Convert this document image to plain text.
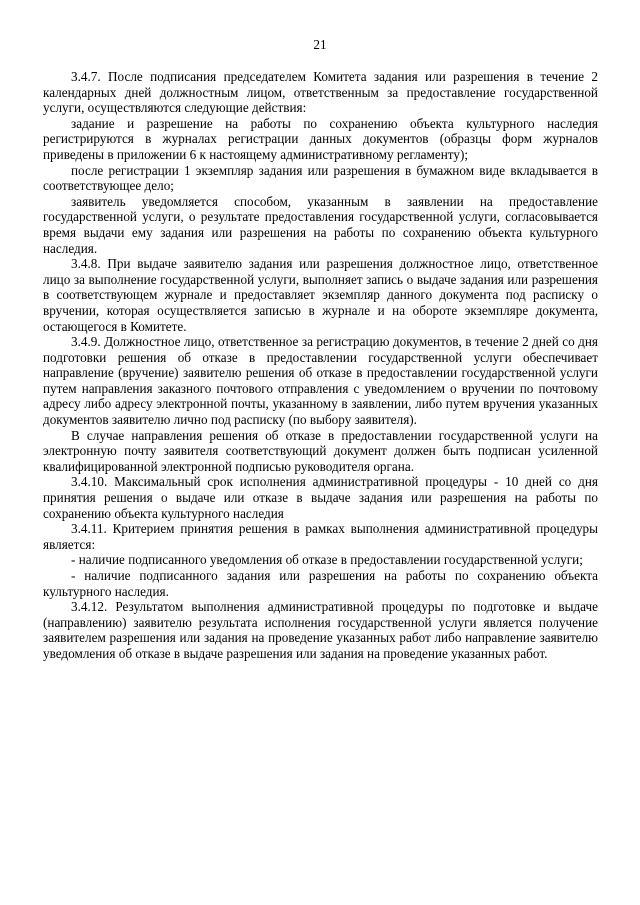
21

3.4.7. После подписания председателем Комитета задания или разрешения в течение 2 календарных дней должностным лицом, ответственным за предоставление государственной услуги, осуществляются следующие действия:

задание и разрешение на работы по сохранению объекта культурного наследия регистрируются в журналах регистрации данных документов (образцы форм журналов приведены в приложении 6 к настоящему административному регламенту);

после регистрации 1 экземпляр задания или разрешения в бумажном виде вкладывается в соответствующее дело;

заявитель уведомляется способом, указанным в заявлении на предоставление государственной услуги, о результате предоставления государственной услуги, согласовывается время выдачи ему задания или разрешения на работы по сохранению объекта культурного наследия.

3.4.8. При выдаче заявителю задания или разрешения должностное лицо, ответственное лицо за выполнение государственной услуги, выполняет запись о выдаче задания или разрешения в соответствующем журнале и предоставляет экземпляр данного документа под расписку о вручении, которая осуществляется записью в журнале и на обороте экземпляре документа, остающегося в Комитете.

3.4.9. Должностное лицо, ответственное за регистрацию документов, в течение 2 дней со дня подготовки решения об отказе в предоставлении государственной услуги обеспечивает направление (вручение) заявителю решения об отказе в предоставлении государственной услуги путем направления заказного почтового отправления с уведомлением о вручении по почтовому адресу либо адресу электронной почты, указанному в заявлении, либо путем вручения указанных документов заявителю лично под расписку (по выбору заявителя).

В случае направления решения об отказе в предоставлении государственной услуги на электронную почту заявителя соответствующий документ должен быть подписан усиленной квалифицированной электронной подписью руководителя органа.

3.4.10. Максимальный срок исполнения административной процедуры - 10 дней со дня принятия решения о выдаче или отказе в выдаче задания или разрешения на работы по сохранению объекта культурного наследия

3.4.11. Критерием принятия решения в рамках выполнения административной процедуры является:

- наличие подписанного уведомления об отказе в предоставлении государственной услуги;

- наличие подписанного задания или разрешения на работы по сохранению объекта культурного наследия.

3.4.12. Результатом выполнения административной процедуры по подготовке и выдаче (направлению) заявителю результата исполнения государственной услуги является получение заявителем разрешения или задания на проведение указанных работ либо направление заявителю уведомления об отказе в выдаче разрешения или задания на проведение указанных работ.
